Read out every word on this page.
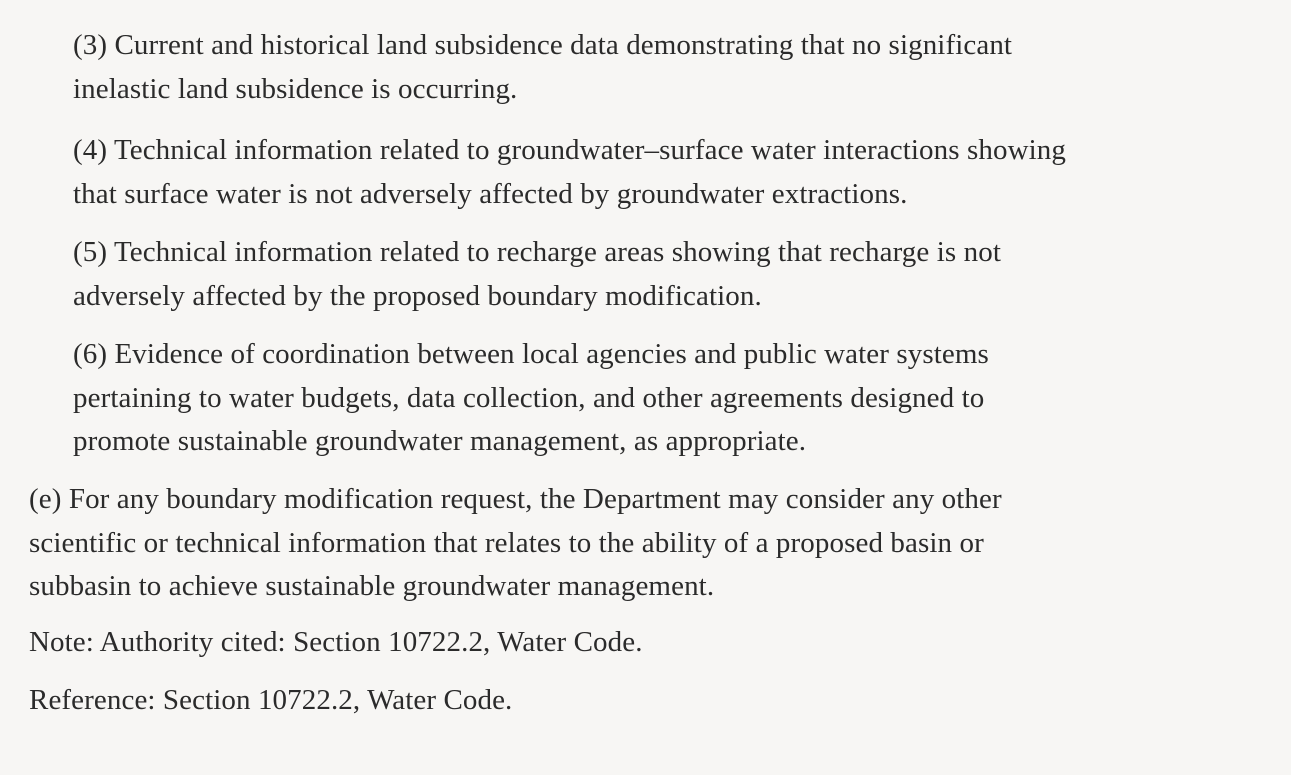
(3) Current and historical land subsidence data demonstrating that no significant
inelastic land subsidence is occurring.

(4) Technical information related to groundwater–surface water interactions showing
that surface water is not adversely affected by groundwater extractions.

(5) Technical information related to recharge areas showing that recharge is not
adversely affected by the proposed boundary modification.

(6) Evidence of coordination between local agencies and public water systems
pertaining to water budgets, data collection, and other agreements designed to
promote sustainable groundwater management, as appropriate.

(e) For any boundary modification request, the Department may consider any other
scientific or technical information that relates to the ability of a proposed basin or
subbasin to achieve sustainable groundwater management.

Note: Authority cited: Section 10722.2, Water Code.

Reference: Section 10722.2, Water Code.
